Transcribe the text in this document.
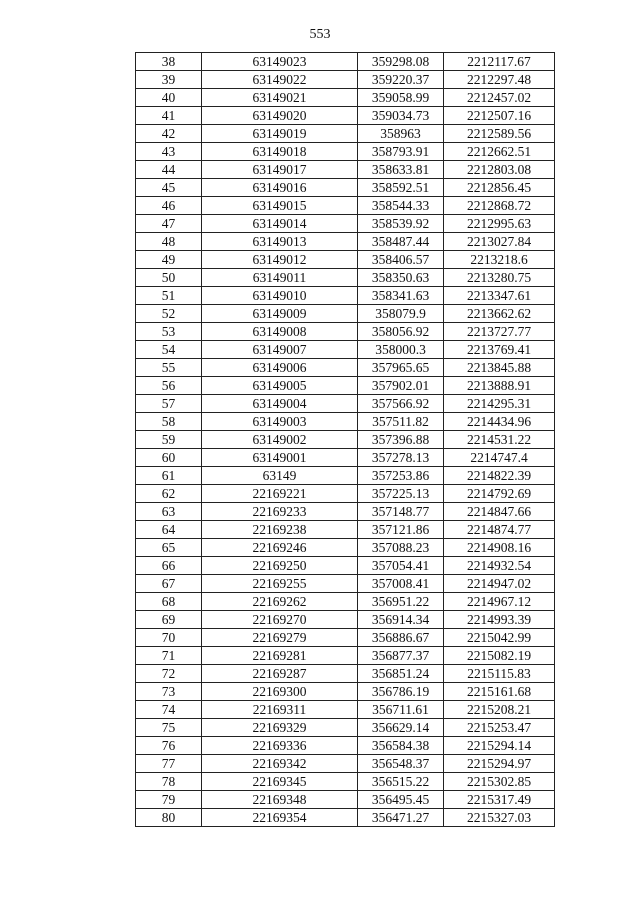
553
38	63149023	359298.08	2212117.67
39	63149022	359220.37	2212297.48
40	63149021	359058.99	2212457.02
41	63149020	359034.73	2212507.16
42	63149019	358963	2212589.56
43	63149018	358793.91	2212662.51
44	63149017	358633.81	2212803.08
45	63149016	358592.51	2212856.45
46	63149015	358544.33	2212868.72
47	63149014	358539.92	2212995.63
48	63149013	358487.44	2213027.84
49	63149012	358406.57	2213218.6
50	63149011	358350.63	2213280.75
51	63149010	358341.63	2213347.61
52	63149009	358079.9	2213662.62
53	63149008	358056.92	2213727.77
54	63149007	358000.3	2213769.41
55	63149006	357965.65	2213845.88
56	63149005	357902.01	2213888.91
57	63149004	357566.92	2214295.31
58	63149003	357511.82	2214434.96
59	63149002	357396.88	2214531.22
60	63149001	357278.13	2214747.4
61	63149	357253.86	2214822.39
62	22169221	357225.13	2214792.69
63	22169233	357148.77	2214847.66
64	22169238	357121.86	2214874.77
65	22169246	357088.23	2214908.16
66	22169250	357054.41	2214932.54
67	22169255	357008.41	2214947.02
68	22169262	356951.22	2214967.12
69	22169270	356914.34	2214993.39
70	22169279	356886.67	2215042.99
71	22169281	356877.37	2215082.19
72	22169287	356851.24	2215115.83
73	22169300	356786.19	2215161.68
74	22169311	356711.61	2215208.21
75	22169329	356629.14	2215253.47
76	22169336	356584.38	2215294.14
77	22169342	356548.37	2215294.97
78	22169345	356515.22	2215302.85
79	22169348	356495.45	2215317.49
80	22169354	356471.27	2215327.03
